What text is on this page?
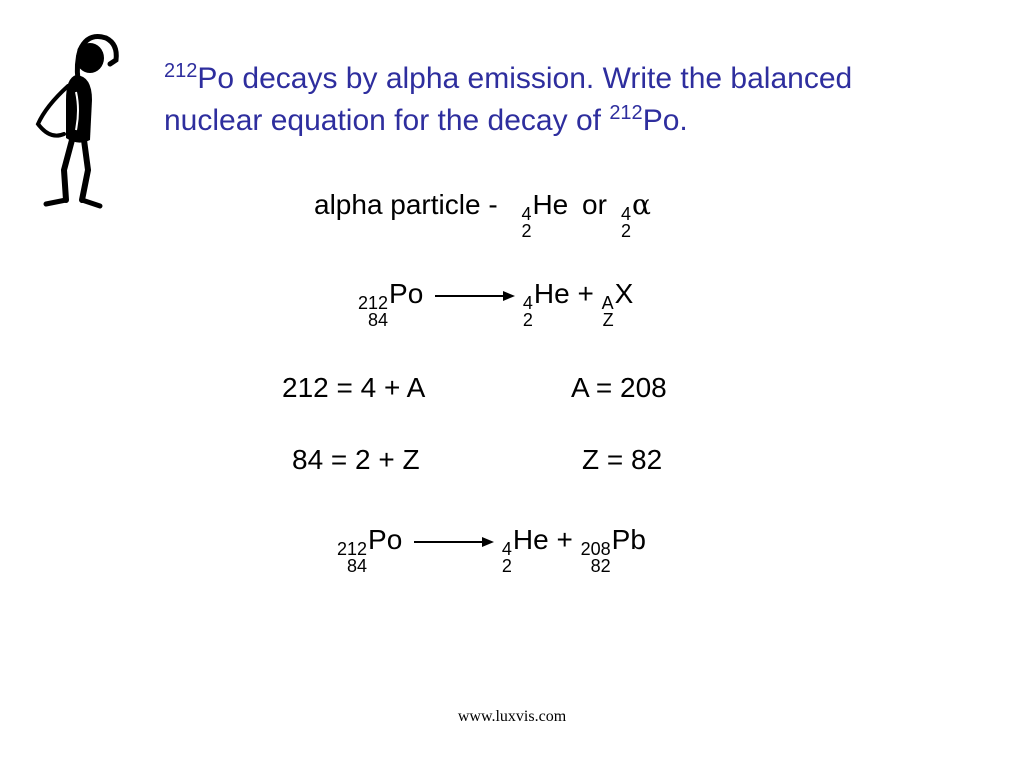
$^{212}$Po decays by alpha emission. Write the balanced
nuclear equation for the decay of $^{212}$Po.
alpha particle - 4
2
He or 4
2
α
212
84
Po → 4
2
He + A
Z
X
212 = 4 + A	A = 208
84 = 2 + Z	Z = 82
212
84
Po	4
2
He + 208
82
Pb
www.luxvis.com
